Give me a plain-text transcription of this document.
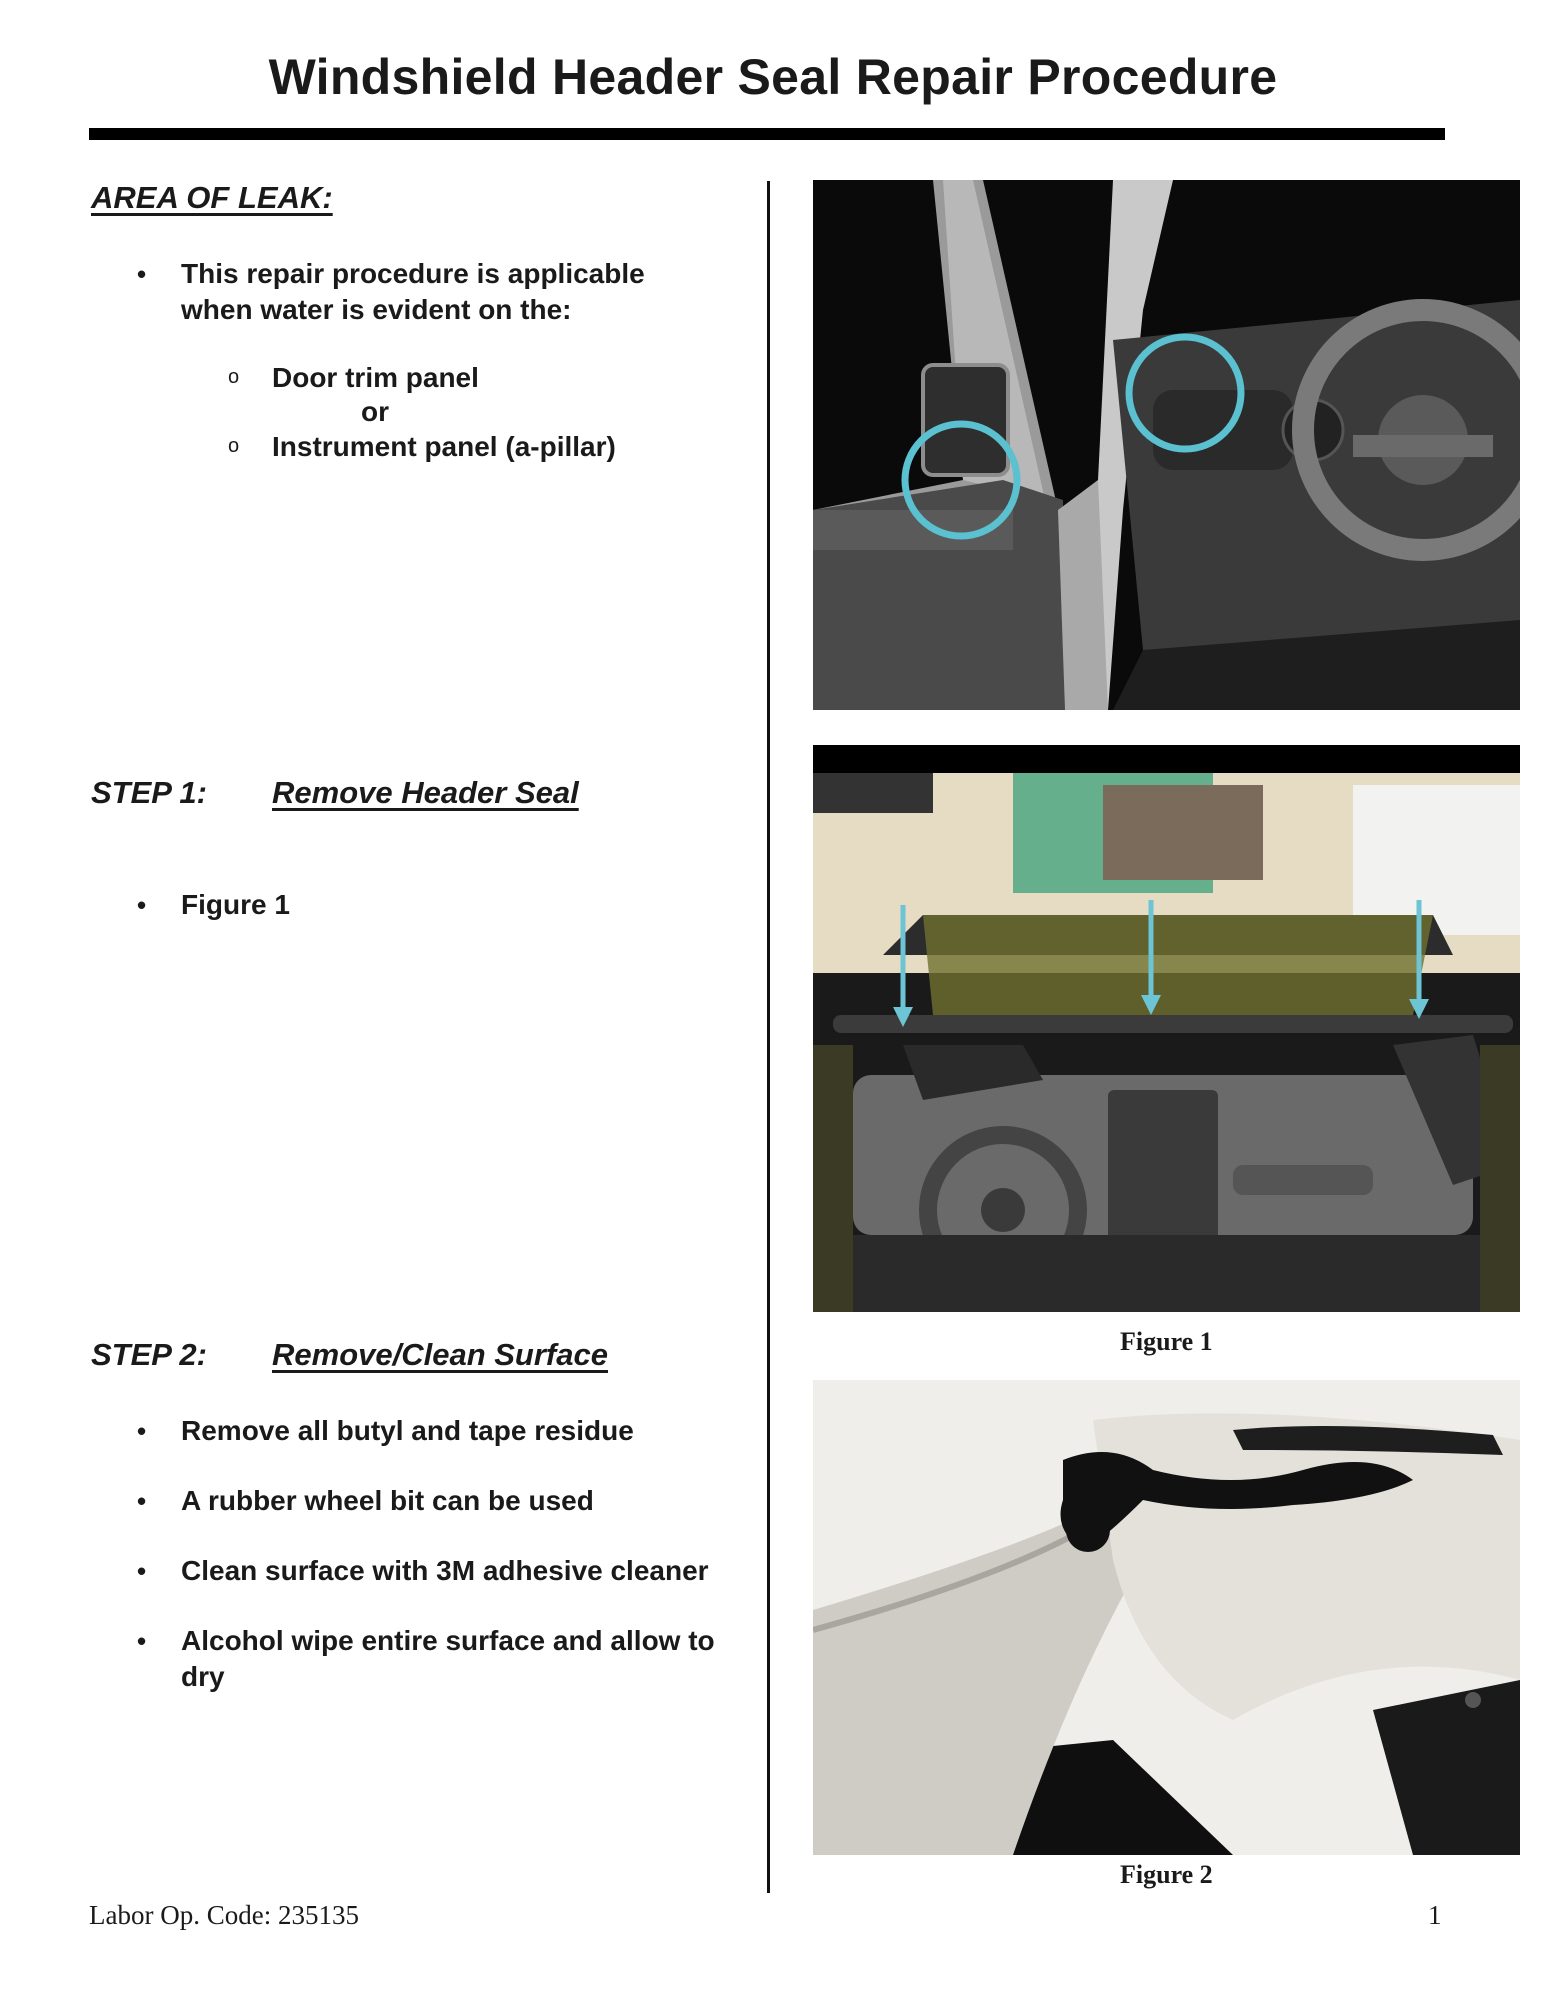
Windshield Header Seal Repair Procedure
AREA OF LEAK:
• This repair procedure is applicable when water is evident on the:
o Door trim panel
or
o Instrument panel (a-pillar)
STEP 1: Remove Header Seal
• Figure 1
STEP 2: Remove/Clean Surface
• Remove all butyl and tape residue
• A rubber wheel bit can be used
• Clean surface with 3M adhesive cleaner
• Alcohol wipe entire surface and allow to dry
Figure 1
Figure 2
Labor Op. Code: 235135	1
